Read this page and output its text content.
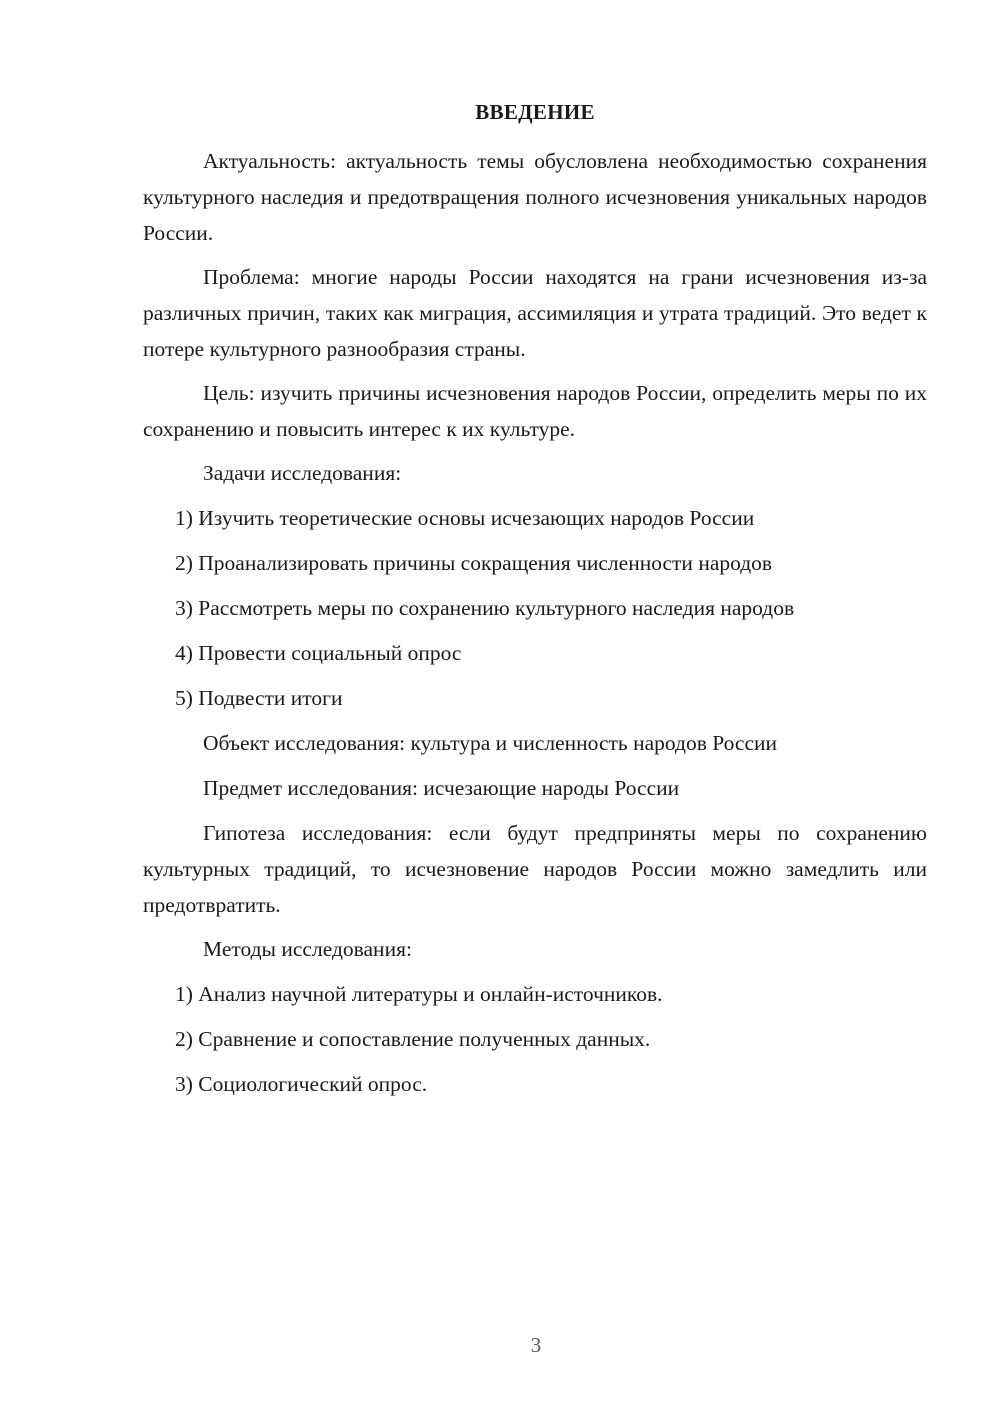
ВВЕДЕНИЕ

Актуальность: актуальность темы обусловлена необходимостью сохранения культурного наследия и предотвращения полного исчезновения уникальных народов России.

Проблема: многие народы России находятся на грани исчезновения из-за различных причин, таких как миграция, ассимиляция и утрата традиций. Это ведет к потере культурного разнообразия страны.

Цель: изучить причины исчезновения народов России, определить меры по их сохранению и повысить интерес к их культуре.

Задачи исследования:
1) Изучить теоретические основы исчезающих народов России
2) Проанализировать причины сокращения численности народов
3) Рассмотреть меры по сохранению культурного наследия народов
4) Провести социальный опрос
5) Подвести итоги
Объект исследования: культура и численность народов России
Предмет исследования: исчезающие народы России

Гипотеза исследования: если будут предприняты меры по сохранению культурных традиций, то исчезновение народов России можно замедлить или предотвратить.

Методы исследования:
1) Анализ научной литературы и онлайн-источников.
2) Сравнение и сопоставление полученных данных.
3) Социологический опрос.
3
